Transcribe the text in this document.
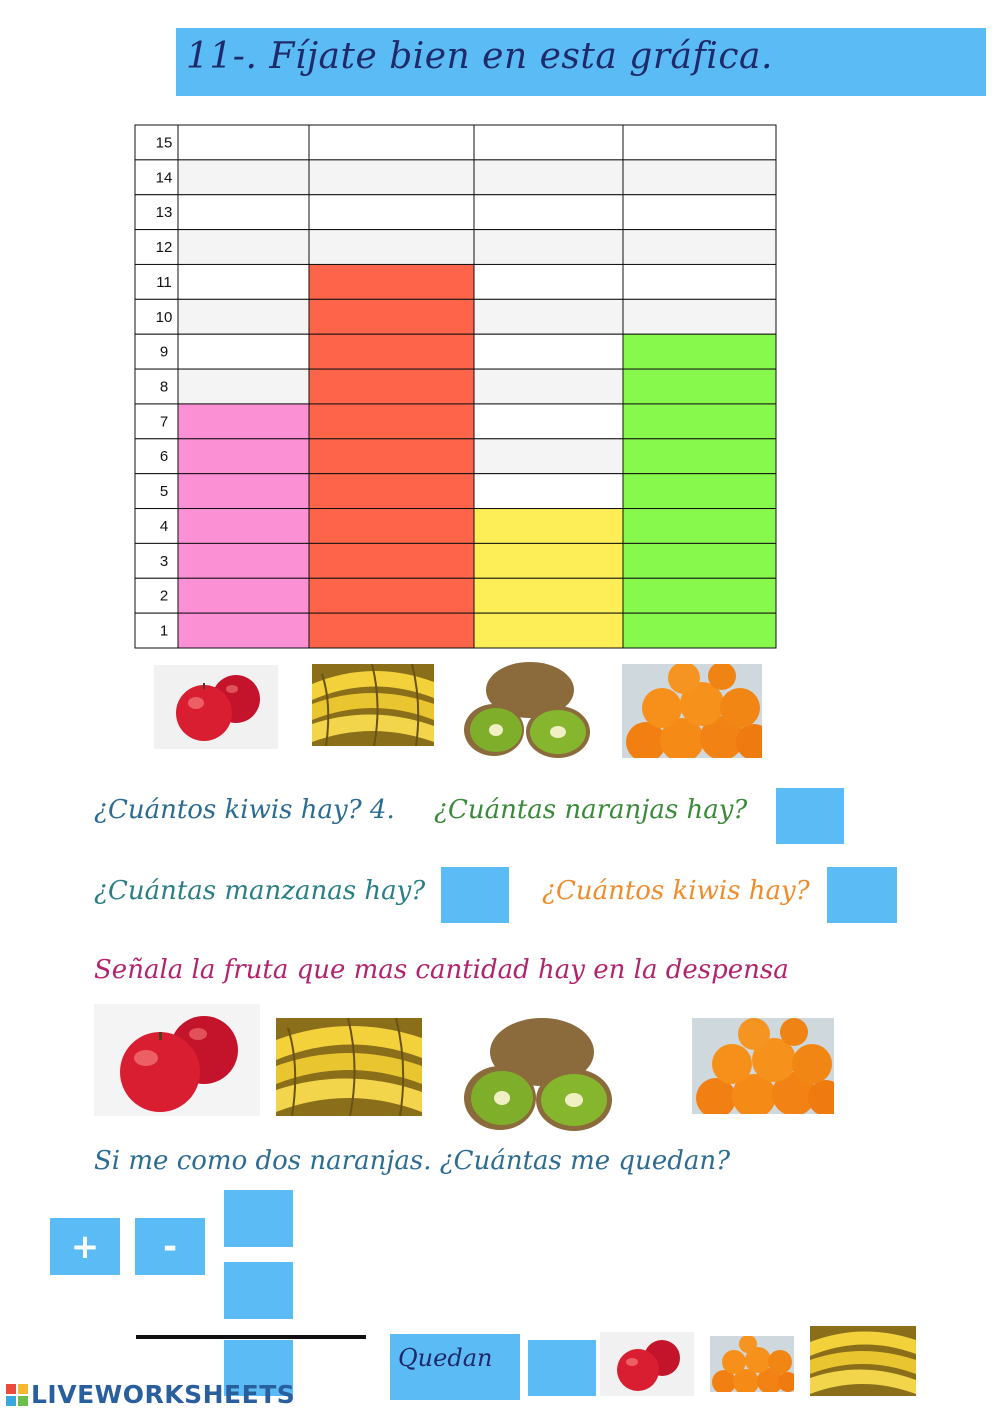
11-. Fíjate bien en esta gráfica.
15
14
13
12
11
10
9
8
7
6
5
4
3
2
1
¿Cuántos kiwis hay? 4. ¿Cuántas naranjas hay?
¿Cuántas manzanas hay?	¿Cuántos kiwis hay?
Señala la fruta que mas cantidad hay en la despensa
Si me como dos naranjas. ¿Cuántas me quedan?
+	-
Quedan
LIVEWORKSHEETS
